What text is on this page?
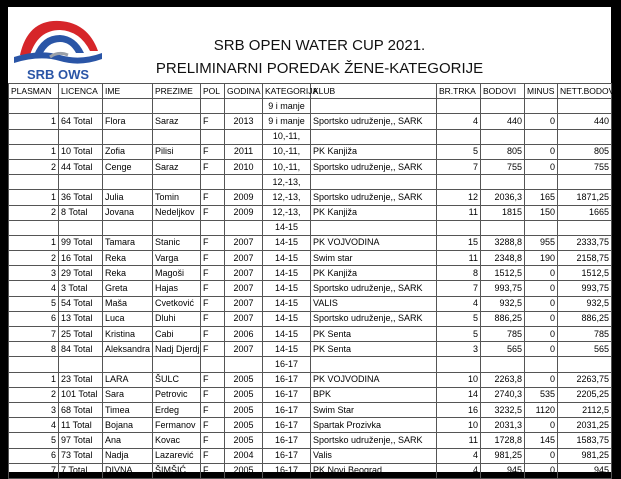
SRB OWS
SRB OPEN WATER CUP 2021.
PRELIMINARNI POREDAK ŽENE-KATEGORIJE
PLASMAN	LICENCA	IME	PREZIME	POL	GODINA	KATEGORIJA	KLUB	BR.TRKA	BODOVI	MINUS	NETT.BODOVI
						9 i manje					
1	64 Total	Flora	Saraz	F	2013	9 i manje	Sportsko udruženje,, SARK	4	440	0	440
						10,-11,					
1	10 Total	Zofia	Pilisi	F	2011	10,-11,	PK Kanjiža	5	805	0	805
2	44 Total	Cenge	Saraz	F	2010	10,-11,	Sportsko udruženje,, SARK	7	755	0	755
						12,-13,					
1	36 Total	Julia	Tomin	F	2009	12,-13,	Sportsko udruženje,, SARK	12	2036,3	165	1871,25
2	8 Total	Jovana	Nedeljkov	F	2009	12,-13,	PK Kanjiža	11	1815	150	1665
						14-15					
1	99 Total	Tamara	Stanic	F	2007	14-15	PK VOJVODINA	15	3288,8	955	2333,75
2	16 Total	Reka	Varga	F	2007	14-15	Swim star	11	2348,8	190	2158,75
3	29 Total	Reka	Magoši	F	2007	14-15	PK Kanjiža	8	1512,5	0	1512,5
4	3 Total	Greta	Hajas	F	2007	14-15	Sportsko udruženje,, SARK	7	993,75	0	993,75
5	54 Total	Maša	Cvetković	F	2007	14-15	VALIS	4	932,5	0	932,5
6	13 Total	Luca	Dluhi	F	2007	14-15	Sportsko udruženje,, SARK	5	886,25	0	886,25
7	25 Total	Kristina	Cabi	F	2006	14-15	PK Senta	5	785	0	785
8	84 Total	Aleksandra	Nadj Djerdj	F	2007	14-15	PK Senta	3	565	0	565
						16-17					
1	23 Total	LARA	ŠULC	F	2005	16-17	PK VOJVODINA	10	2263,8	0	2263,75
2	101 Total	Sara	Petrovic	F	2005	16-17	BPK	14	2740,3	535	2205,25
3	68 Total	Timea	Erdeg	F	2005	16-17	Swim Star	16	3232,5	1120	2112,5
4	11 Total	Bojana	Fermanov	F	2005	16-17	Spartak Prozivka	10	2031,3	0	2031,25
5	97 Total	Ana	Kovac	F	2005	16-17	Sportsko udruženje,, SARK	11	1728,8	145	1583,75
6	73 Total	Nadja	Lazarević	F	2004	16-17	Valis	4	981,25	0	981,25
7	7 Total	DIVNA	ŠIMŠIĆ	F	2005	16-17	PK Novi Beograd	4	945	0	945
